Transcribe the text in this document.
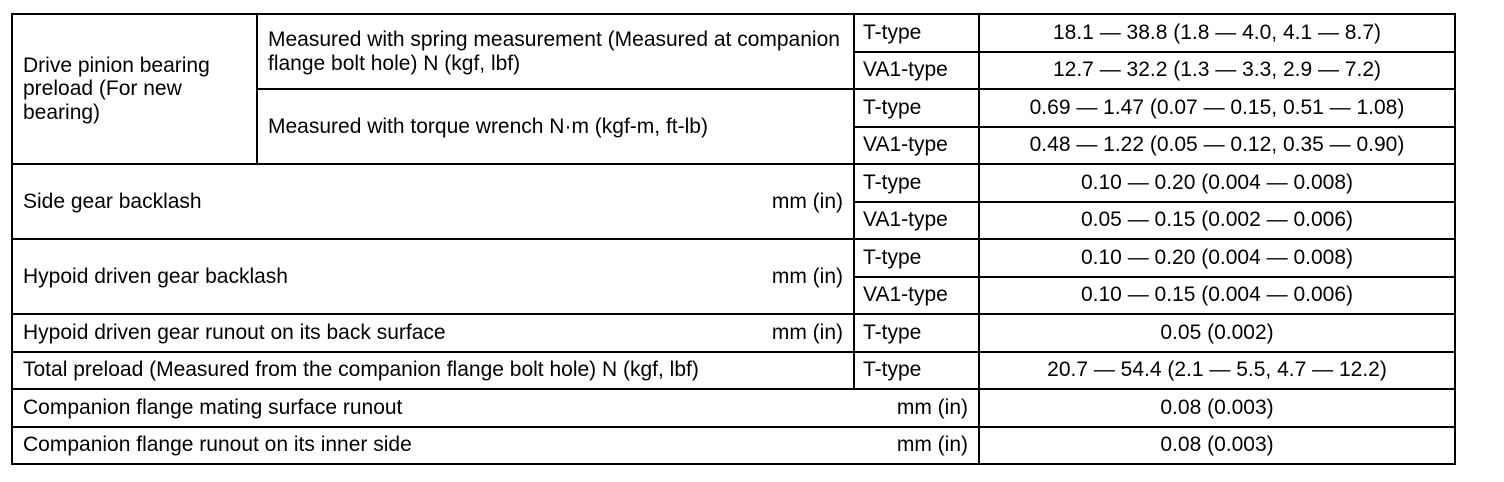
Drive pinion bearing preload (For new bearing)	Measured with spring measurement (Measured at companion flange bolt hole) N (kgf, lbf)	T-type	18.1 — 38.8 (1.8 — 4.0, 4.1 — 8.7)
		VA1-type	12.7 — 32.2 (1.3 — 3.3, 2.9 — 7.2)
	Measured with torque wrench N·m (kgf-m, ft-lb)	T-type	0.69 — 1.47 (0.07 — 0.15, 0.51 — 1.08)
		VA1-type	0.48 — 1.22 (0.05 — 0.12, 0.35 — 0.90)

Side gear backlash mm (in)		T-type	0.10 — 0.20 (0.004 — 0.008)
		VA1-type	0.05 — 0.15 (0.002 — 0.006)

Hypoid driven gear backlash mm (in)		T-type	0.10 — 0.20 (0.004 — 0.008)
		VA1-type	0.10 — 0.15 (0.004 — 0.006)

Hypoid driven gear runout on its back surface mm (in)		T-type	0.05 (0.002)
Total preload (Measured from the companion flange bolt hole) N (kgf, lbf)		T-type	20.7 — 54.4 (2.1 — 5.5, 4.7 — 12.2)

Companion flange mating surface runout mm (in)			0.08 (0.003)

Companion flange runout on its inner side mm (in)			0.08 (0.003)
